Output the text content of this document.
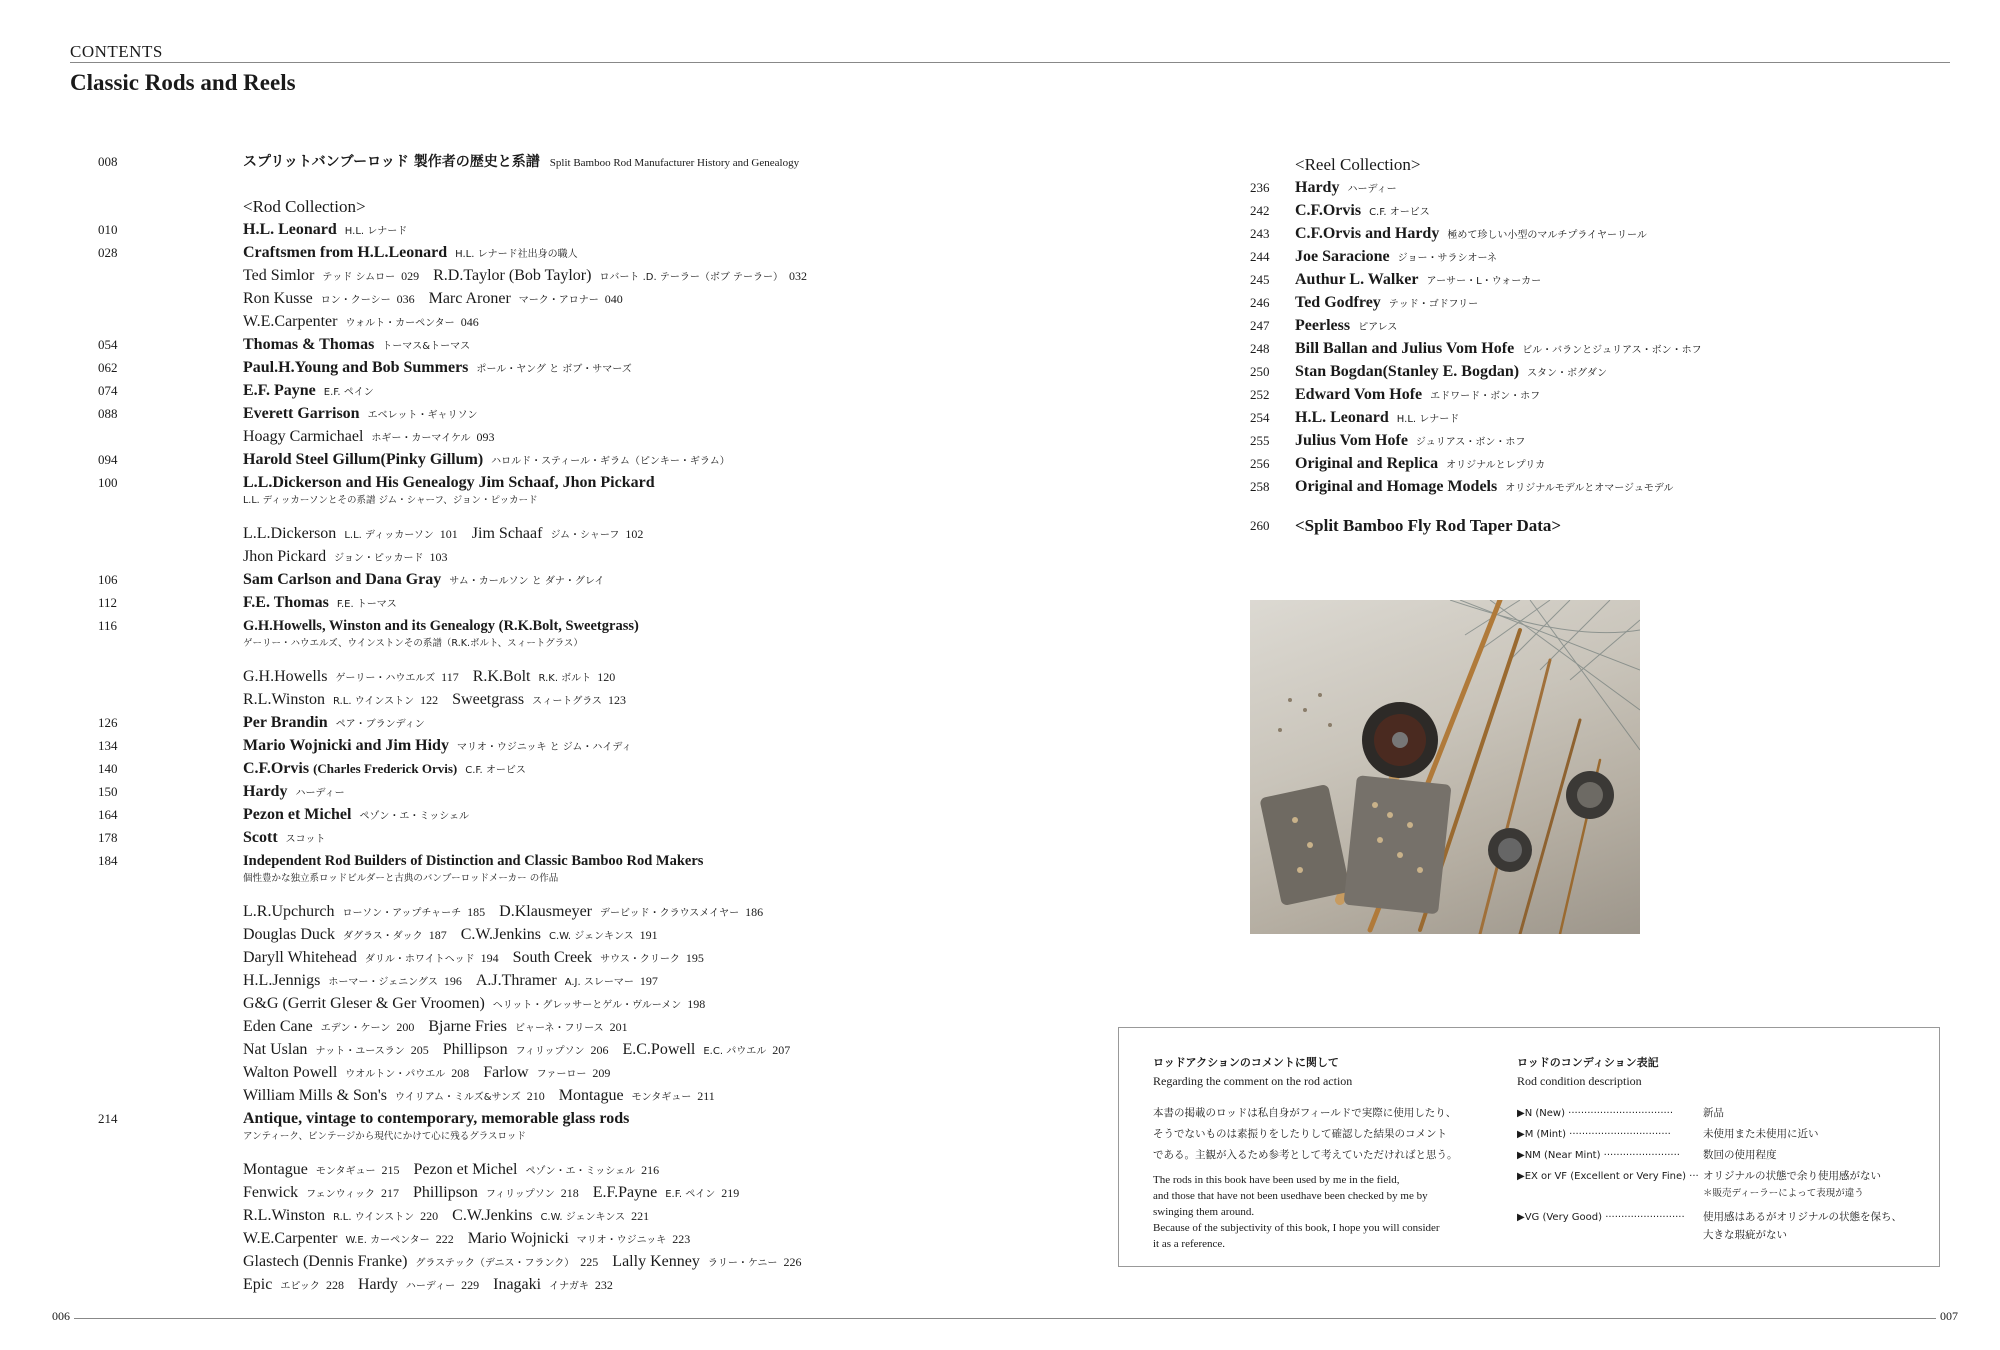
CONTENTS
Classic Rods and Reels
008	スプリットバンブーロッド 製作者の歴史と系譜 Split Bamboo Rod Manufacturer History and Genealogy
<Rod Collection>
010	H.L. Leonard H.L. レナード
028	Craftsmen from H.L.Leonard H.L. レナード社出身の職人
Ted Simlor テッド シムロー 029 R.D.Taylor (Bob Taylor) ロバート .D. テーラー（ボブ テーラー） 032
Ron Kusse ロン・クーシー 036 Marc Aroner マーク・アロナー 040
W.E.Carpenter ウォルト・カーペンター 046
054	Thomas & Thomas トーマス&トーマス
062	Paul.H.Young and Bob Summers ポール・ヤング と ボブ・サマーズ
074	E.F. Payne E.F. ペイン
088	Everett Garrison エベレット・ギャリソン
Hoagy Carmichael ホギー・カーマイケル 093
094	Harold Steel Gillum(Pinky Gillum) ハロルド・スティール・ギラム（ピンキー・ギラム）
100	L.L.Dickerson and His Genealogy Jim Schaaf, Jhon Pickard
L.L. ディッカーソンとその系譜 ジム・シャーフ、ジョン・ピッカード
L.L.Dickerson L.L. ディッカーソン 101 Jim Schaaf ジム・シャーフ 102
Jhon Pickard ジョン・ピッカード 103
106	Sam Carlson and Dana Gray サム・カールソン と ダナ・グレイ
112	F.E. Thomas F.E. トーマス
116	G.H.Howells, Winston and its Genealogy (R.K.Bolt, Sweetgrass)
ゲーリー・ハウエルズ、ウインストンその系譜（R.K.ボルト、スィートグラス）
G.H.Howells ゲーリー・ハウエルズ 117 R.K.Bolt R.K. ボルト 120
R.L.Winston R.L. ウインストン 122 Sweetgrass スィートグラス 123
126	Per Brandin ペア・ブランディン
134	Mario Wojnicki and Jim Hidy マリオ・ウジニッキ と ジム・ハイディ
140	C.F.Orvis (Charles Frederick Orvis) C.F. オービス
150	Hardy ハーディー
164	Pezon et Michel ペゾン・エ・ミッシェル
178	Scott スコット
184	Independent Rod Builders of Distinction and Classic Bamboo Rod Makers
個性豊かな独立系ロッドビルダーと古典のバンブーロッドメーカー の作品
L.R.Upchurch ローソン・アップチャーチ 185 D.Klausmeyer デービッド・クラウスメイヤー 186
Douglas Duck ダグラス・ダック 187 C.W.Jenkins C.W. ジェンキンス 191
Daryll Whitehead ダリル・ホワイトヘッド 194 South Creek サウス・クリーク 195
H.L.Jennigs ホーマー・ジェニングス 196 A.J.Thramer A.J. スレーマー 197
G&G (Gerrit Gleser & Ger Vroomen) ヘリット・グレッサーとゲル・ヴルーメン 198
Eden Cane エデン・ケーン 200 Bjarne Fries ビャーネ・フリース 201
Nat Uslan ナット・ユースラン 205 Phillipson フィリップソン 206 E.C.Powell E.C. パウエル 207
Walton Powell ウオルトン・パウエル 208 Farlow ファーロー 209
William Mills & Son's ウイリアム・ミルズ&サンズ 210 Montague モンタギュー 211
214	Antique, vintage to contemporary, memorable glass rods
アンティーク、ビンテージから現代にかけて心に残るグラスロッド
Montague モンタギュー 215 Pezon et Michel ペゾン・エ・ミッシェル 216
Fenwick フェンウィック 217 Phillipson フィリップソン 218 E.F.Payne E.F. ペイン 219
R.L.Winston R.L. ウインストン 220 C.W.Jenkins C.W. ジェンキンス 221
W.E.Carpenter W.E. カーペンター 222 Mario Wojnicki マリオ・ウジニッキ 223
Glastech (Dennis Franke) グラステック（デニス・フランク） 225 Lally Kenney ラリー・ケニー 226
Epic エピック 228 Hardy ハーディー 229 Inagaki イナガキ 232
<Reel Collection>
236	Hardy ハーディー
242	C.F.Orvis C.F. オービス
243	C.F.Orvis and Hardy 極めて珍しい小型のマルチプライヤーリール
244	Joe Saracione ジョー・サラシオーネ
245	Authur L. Walker アーサー・L・ウォーカー
246	Ted Godfrey テッド・ゴドフリー
247	Peerless ピアレス
248	Bill Ballan and Julius Vom Hofe ビル・バランとジュリアス・ボン・ホフ
250	Stan Bogdan(Stanley E. Bogdan) スタン・ボグダン
252	Edward Vom Hofe エドワード・ボン・ホフ
254	H.L. Leonard H.L. レナード
255	Julius Vom Hofe ジュリアス・ボン・ホフ
256	Original and Replica オリジナルとレプリカ
258	Original and Homage Models オリジナルモデルとオマージュモデル
260	<Split Bamboo Fly Rod Taper Data>
ロッドアクションのコメントに関して
Regarding the comment on the rod action
本書の掲載のロッドは私自身がフィールドで実際に使用したり、
そうでないものは素振りをしたりして確認した結果のコメント
である。主観が入るため参考として考えていただければと思う。
The rods in this book have been used by me in the field,
and those that have not been usedhave been checked by me by
swinging them around.
Because of the subjectivity of this book, I hope you will consider
it as a reference.
ロッドのコンディション表記
Rod condition description
▶N (New) ·································	新品
▶M (Mint) ································	未使用また未使用に近い
▶NM (Near Mint) ························ 数回の使用程度
▶EX or VF (Excellent or Very Fine) ··· オリジナルの状態で余り使用感がない
＊販売ディーラーによって表現が違う
▶VG (Very Good) ························· 使用感はあるがオリジナルの状態を保ち、
大きな瑕疵がない
006	007
